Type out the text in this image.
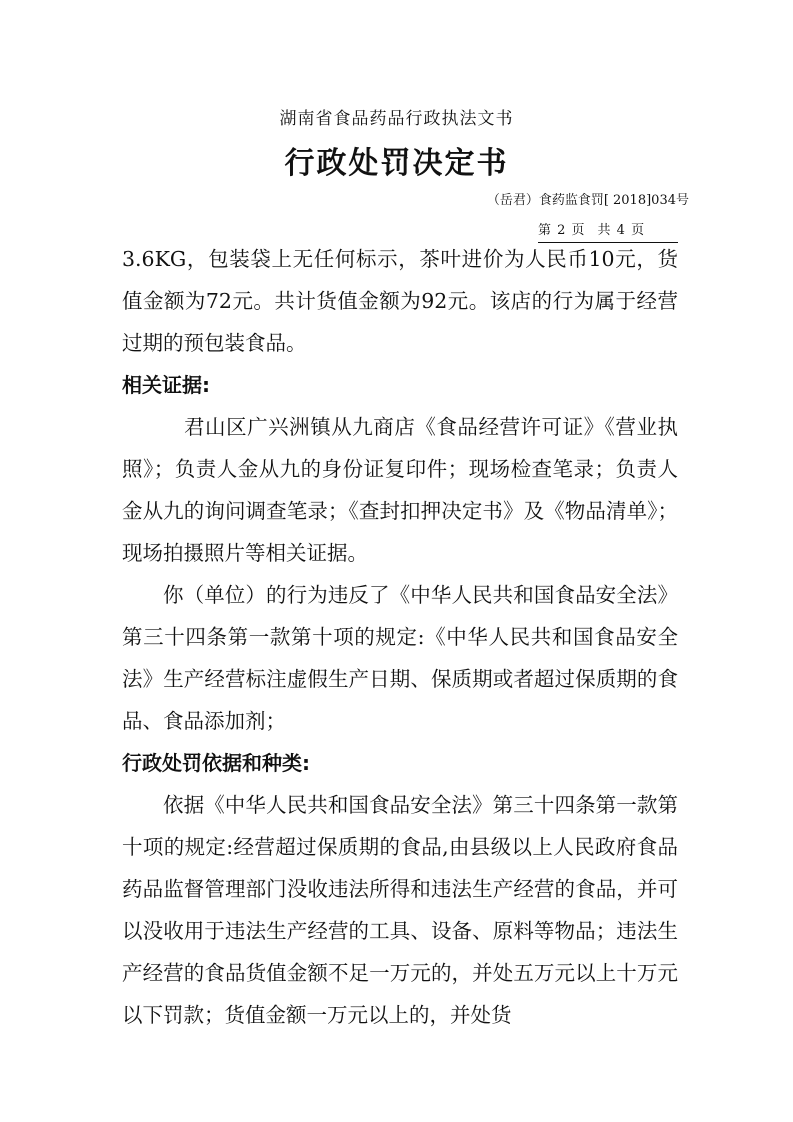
湖南省食品药品行政执法文书
行政处罚决定书
（岳君）食药监食罚[ 2018]034号
第 2 页　共 4 页

3.6KG，包装袋上无任何标示，茶叶进价为人民币10元，货值金额为72元。共计货值金额为92元。该店的行为属于经营过期的预包装食品。

相关证据:

君山区广兴洲镇从九商店《食品经营许可证》《营业执照》；负责人金从九的身份证复印件；现场检查笔录；负责人金从九的询问调查笔录；《查封扣押决定书》及《物品清单》；现场拍摄照片等相关证据。

你（单位）的行为违反了《中华人民共和国食品安全法》第三十四条第一款第十项的规定:《中华人民共和国食品安全法》生产经营标注虚假生产日期、保质期或者超过保质期的食品、食品添加剂；

行政处罚依据和种类:

依据《中华人民共和国食品安全法》第三十四条第一款第十项的规定:经营超过保质期的食品,由县级以上人民政府食品药品监督管理部门没收违法所得和违法生产经营的食品，并可以没收用于违法生产经营的工具、设备、原料等物品；违法生产经营的食品货值金额不足一万元的，并处五万元以上十万元以下罚款；货值金额一万元以上的，并处货
